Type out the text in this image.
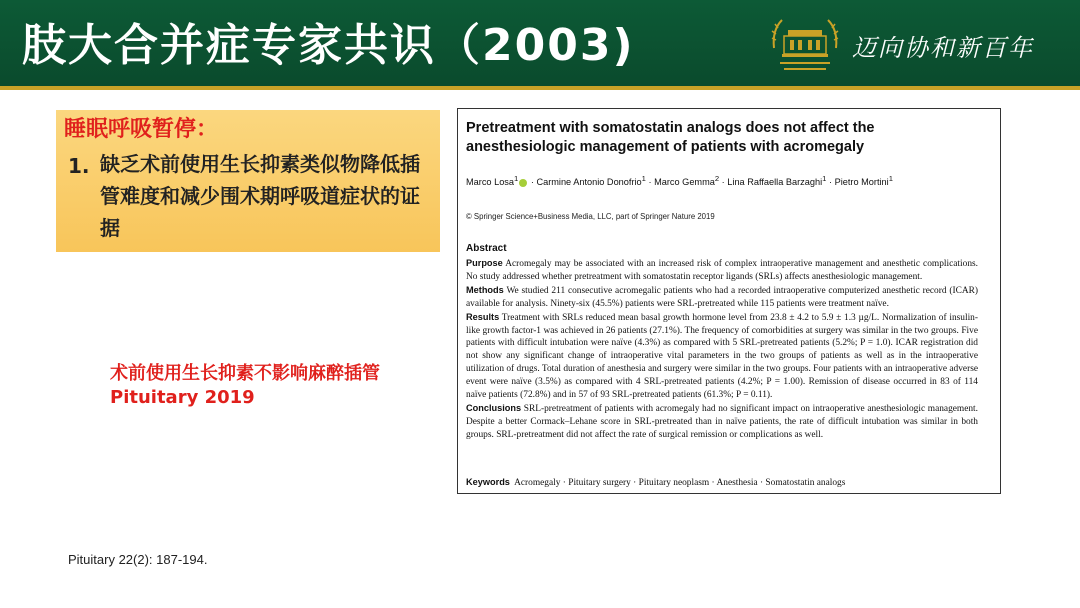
肢大合并症专家共识（2003)	迈向协和新百年
睡眠呼吸暂停：
1. 缺乏术前使用生长抑素类似物降低插管难度和减少围术期呼吸道症状的证据
术前使用生长抑素不影响麻醉插管
Pituitary 2019
Pituitary 22(2): 187-194.
Pretreatment with somatostatin analogs does not affect the anesthesiologic management of patients with acromegaly
Marco Losa$^1$ · Carmine Antonio Donofrio$^1$ · Marco Gemma$^2$ · Lina Raffaella Barzaghi$^1$ · Pietro Mortini$^1$
© Springer Science+Business Media, LLC, part of Springer Nature 2019
Abstract

Purpose Acromegaly may be associated with an increased risk of complex intraoperative management and anesthetic complications. No study addressed whether pretreatment with somatostatin receptor ligands (SRLs) affects anesthesiologic management.

Methods We studied 211 consecutive acromegalic patients who had a recorded intraoperative computerized anesthetic record (ICAR) available for analysis. Ninety-six (45.5%) patients were SRL-pretreated while 115 patients were treatment naïve.

Results Treatment with SRLs reduced mean basal growth hormone level from 23.8 ± 4.2 to 5.9 ± 1.3 µg/L. Normalization of insulin-like growth factor-1 was achieved in 26 patients (27.1%). The frequency of comorbidities at surgery was similar in the two groups. Five patients with difficult intubation were naïve (4.3%) as compared with 5 SRL-pretreated patients (5.2%; P = 1.0). ICAR registration did not show any significant change of intraoperative vital parameters in the two groups of patients as well as in the intraoperative utilization of drugs. Total duration of anesthesia and surgery were similar in the two groups. Four patients with an intraoperative adverse event were naïve (3.5%) as compared with 4 SRL-pretreated patients (4.2%; P = 1.00). Remission of disease occurred in 83 of 114 naïve patients (72.8%) and in 57 of 93 SRL-pretreated patients (61.3%; P = 0.11).

Conclusions SRL-pretreatment of patients with acromegaly had no significant impact on intraoperative anesthesiologic management. Despite a better Cormack–Lehane score in SRL-pretreated than in naïve patients, the rate of difficult intubation was similar in both groups. SRL-pretreatment did not affect the rate of surgical remission or complications as well.

Keywords Acromegaly · Pituitary surgery · Pituitary neoplasm · Anesthesia · Somatostatin analogs
